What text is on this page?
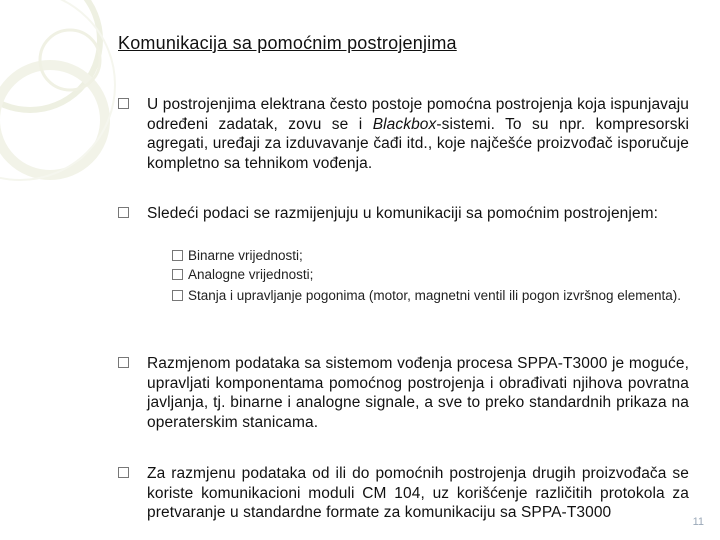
Komunikacija sa pomoćnim postrojenjima
U postrojenjima elektrana često postoje pomoćna postrojenja koja ispunjavaju određeni zadatak, zovu se i Blackbox-sistemi. To su npr. kompresorski agregati, uređaji za izduvavanje čađi itd., koje najčešće proizvođač isporučuje kompletno sa tehnikom vođenja.
Sledeći podaci se razmijenjuju u komunikaciji sa pomoćnim postrojenjem:
Binarne vrijednosti;
Analogne vrijednosti;
Stanja i upravljanje pogonima (motor, magnetni ventil ili pogon izvršnog elementa).
Razmjenom podataka sa sistemom vođenja procesa SPPA-T3000 je moguće, upravljati komponentama pomoćnog postrojenja i obrađivati njihova povratna javljanja, tj. binarne i analogne signale, a sve to preko standardnih prikaza na operaterskim stanicama.
Za razmjenu podataka od ili do pomoćnih postrojenja drugih proizvođača se koriste komunikacioni moduli CM 104, uz korišćenje različitih protokola za pretvaranje u standardne formate za komunikaciju sa SPPA-T3000
11
